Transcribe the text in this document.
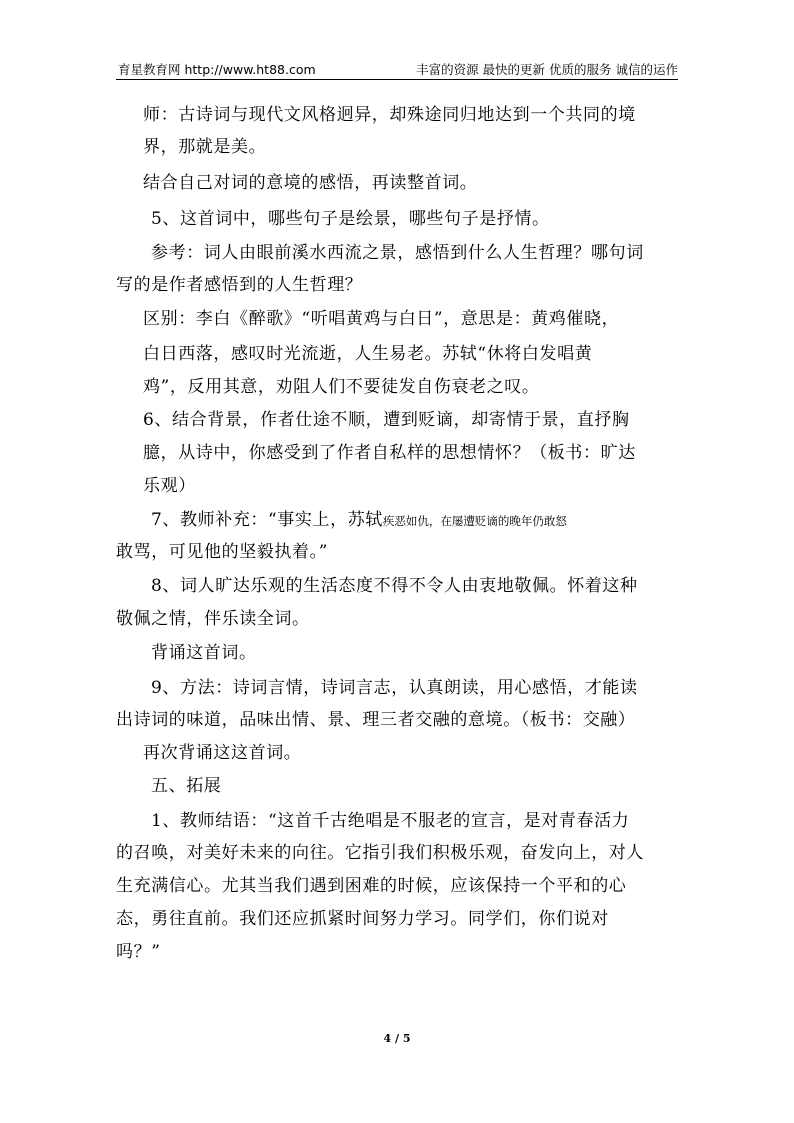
育星教育网 http://www.ht88.com	丰富的资源 最快的更新 优质的服务 诚信的运作
师：古诗词与现代文风格迥异，却殊途同归地达到一个共同的境
界，那就是美。
结合自己对词的意境的感悟，再读整首词。
5、这首词中，哪些句子是绘景，哪些句子是抒情。
参考：词人由眼前溪水西流之景，感悟到什么人生哲理？哪句词
写的是作者感悟到的人生哲理？
区别：李白《醉歌》“听唱黄鸡与白日”，意思是：黄鸡催晓，
白日西落，感叹时光流逝，人生易老。苏轼“休将白发唱黄
鸡”，反用其意，劝阻人们不要徒发自伤衰老之叹。
6、结合背景，作者仕途不顺，遭到贬谪，却寄情于景，直抒胸
臆，从诗中，你感受到了作者自私样的思想情怀？（板书：旷达
乐观）
7、教师补充：“事实上，苏轼疾恶如仇，在屡遭贬谪的晚年仍敢怒
敢骂，可见他的坚毅执着。”
8、词人旷达乐观的生活态度不得不令人由衷地敬佩。怀着这种
敬佩之情，伴乐读全词。
背诵这首词。
9、方法：诗词言情，诗词言志，认真朗读，用心感悟，才能读
出诗词的味道，品味出情、景、理三者交融的意境。（板书：交融）
再次背诵这这首词。
五、拓展
1、教师结语：“这首千古绝唱是不服老的宣言，是对青春活力
的召唤，对美好未来的向往。它指引我们积极乐观，奋发向上，对人
生充满信心。尤其当我们遇到困难的时候，应该保持一个平和的心
态，勇往直前。我们还应抓紧时间努力学习。同学们，你们说对
吗？”
4 / 5
